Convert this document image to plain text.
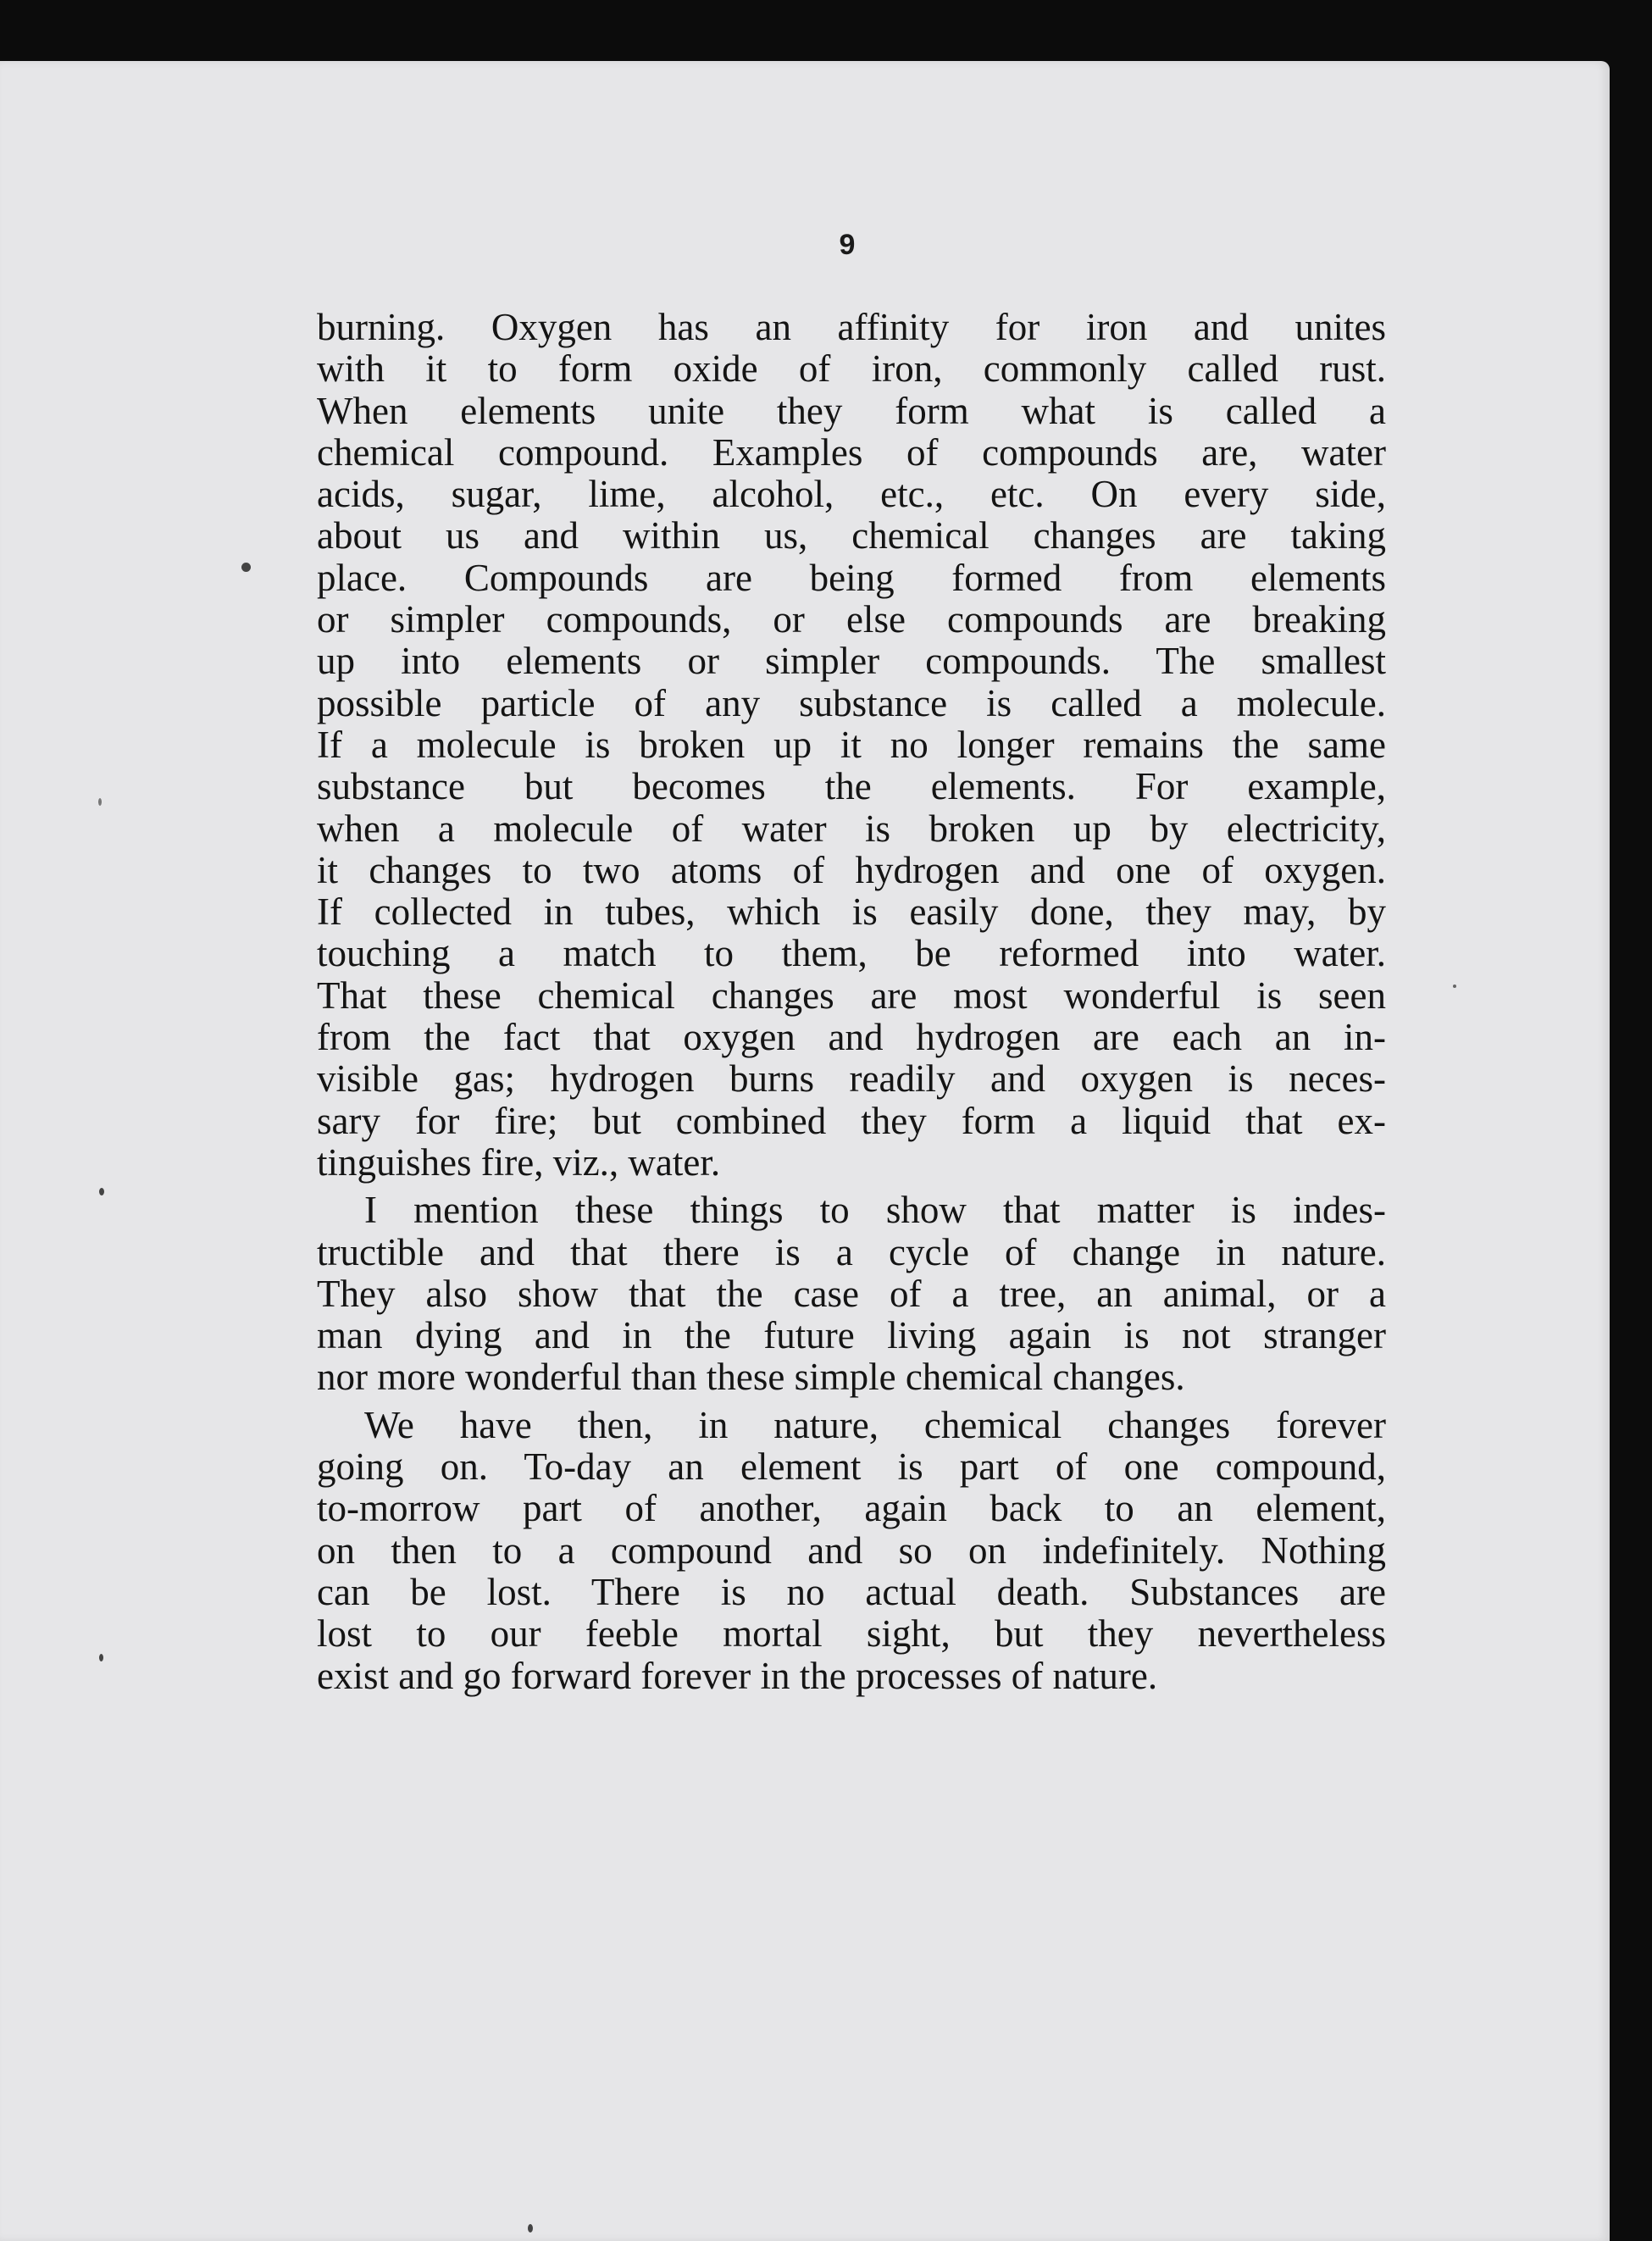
9
burning. Oxygen has an affinity for iron and unites
with it to form oxide of iron, commonly called rust.
When elements unite they form what is called a
chemical compound. Examples of compounds are, water
acids, sugar, lime, alcohol, etc., etc. On every side,
about us and within us, chemical changes are taking
place. Compounds are being formed from elements
or simpler compounds, or else compounds are breaking
up into elements or simpler compounds. The smallest
possible particle of any substance is called a molecule.
If a molecule is broken up it no longer remains the same
substance but becomes the elements. For example,
when a molecule of water is broken up by electricity,
it changes to two atoms of hydrogen and one of oxygen.
If collected in tubes, which is easily done, they may, by
touching a match to them, be reformed into water.
That these chemical changes are most wonderful is seen
from the fact that oxygen and hydrogen are each an in-
visible gas; hydrogen burns readily and oxygen is neces-
sary for fire; but combined they form a liquid that ex-
tinguishes fire, viz., water.
I mention these things to show that matter is indes-
tructible and that there is a cycle of change in nature.
They also show that the case of a tree, an animal, or a
man dying and in the future living again is not stranger
nor more wonderful than these simple chemical changes.
We have then, in nature, chemical changes forever
going on. To-day an element is part of one compound,
to-morrow part of another, again back to an element,
on then to a compound and so on indefinitely. Nothing
can be lost. There is no actual death. Substances are
lost to our feeble mortal sight, but they nevertheless
exist and go forward forever in the processes of nature.
